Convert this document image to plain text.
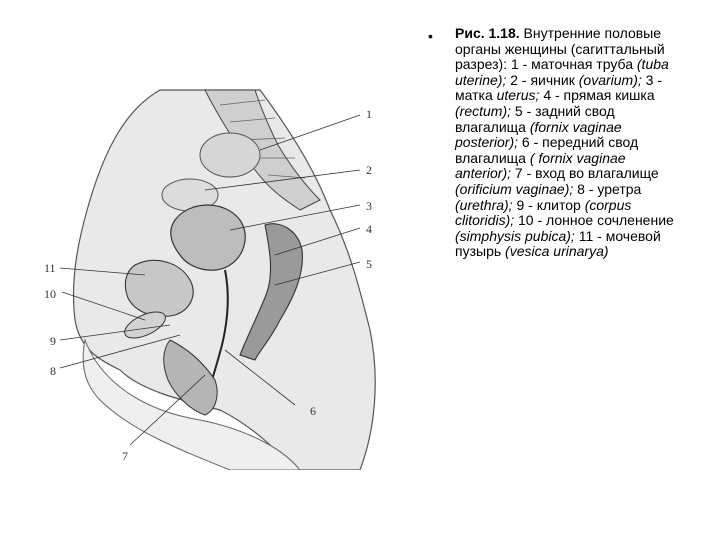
1
2
3
4
5
6
7
8
9
10
11
• Рис. 1.18. Внутренние половые органы женщины (сагиттальный разрез): 1 - маточная труба (tuba uterine); 2 - яичник (ovarium); 3 - матка uterus; 4 - прямая кишка (rectum); 5 - задний свод влагалища (fornix vaginae posterior); 6 - передний свод влагалища ( fornix vaginae anterior); 7 - вход во влагалище (orificium vaginae); 8 - уретра (urethra); 9 - клитор (corpus clitoridis); 10 - лонное сочленение (simphysis pubica); 11 - мочевой пузырь (vesica urinarya)
